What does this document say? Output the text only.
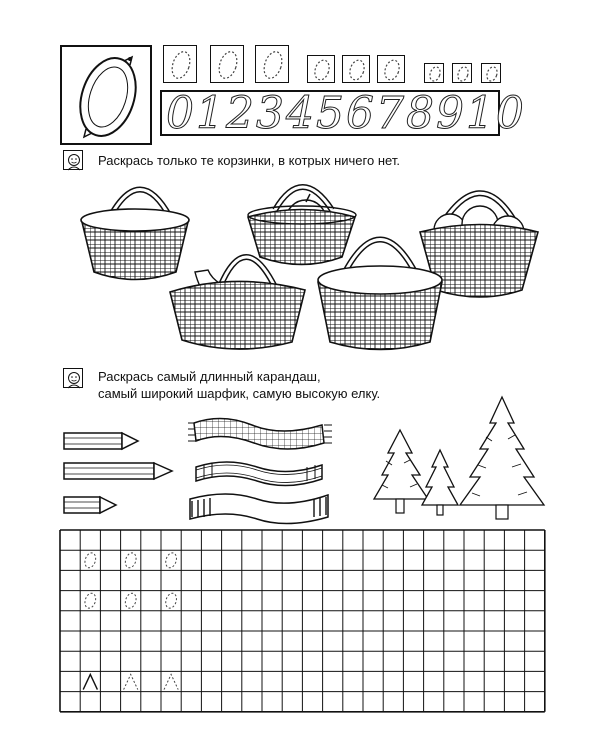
012345678910
Раскрась только те корзинки, в котрых ничего нет.
Раскрась самый длинный карандаш,
самый широкий шарфик, самую высокую елку.
